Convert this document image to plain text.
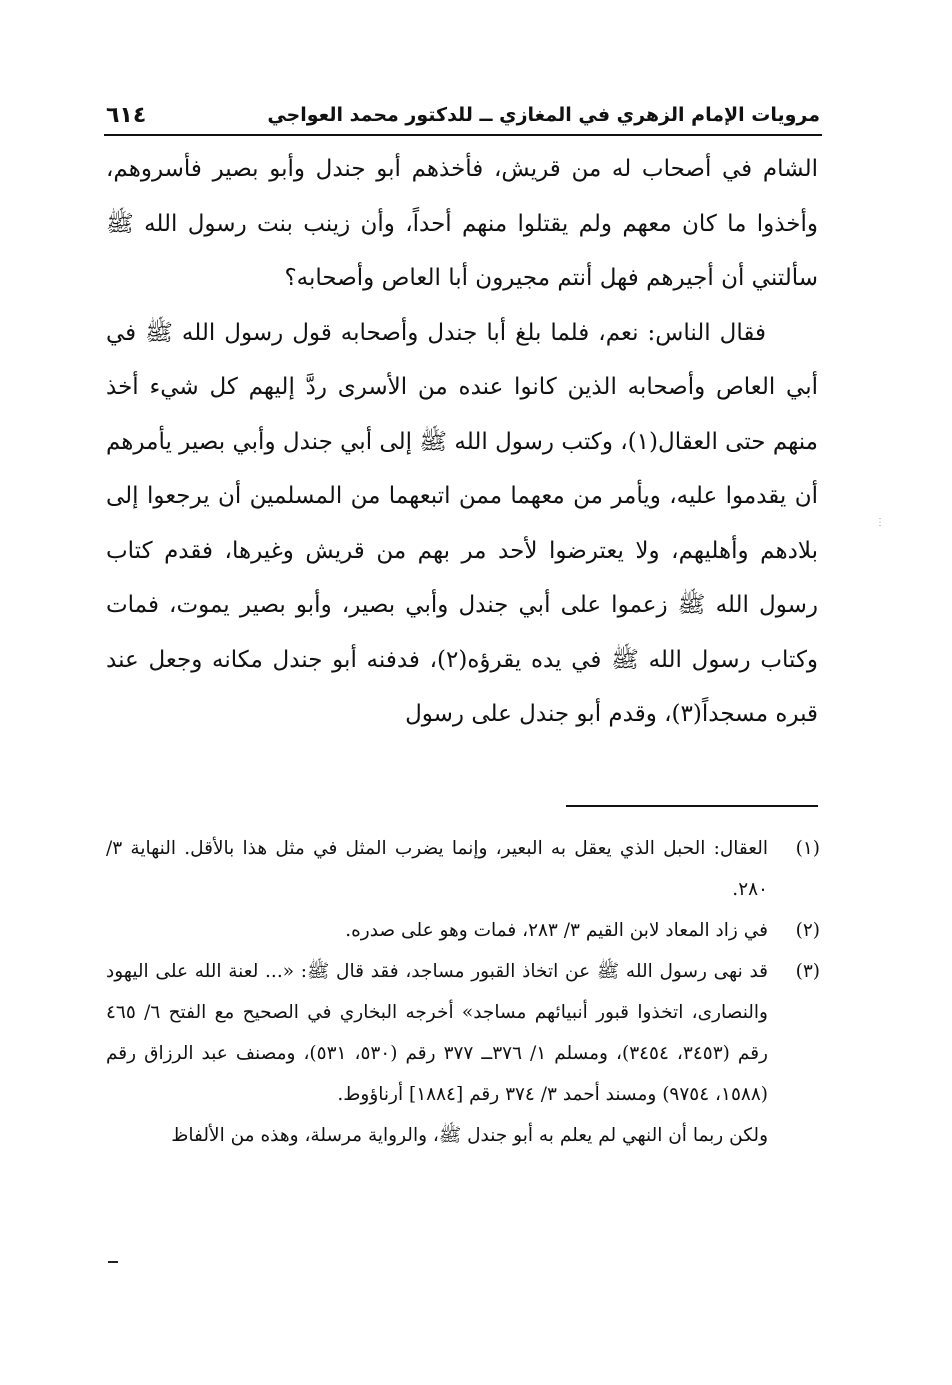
مرويات الإمام الزهري في المغازي ــ للدكتور محمد العواجي
٦١٤

الشام في أصحاب له من قريش، فأخذهم أبو جندل وأبو بصير فأسروهم، وأخذوا ما كان معهم ولم يقتلوا منهم أحداً، وأن زينب بنت رسول الله ﷺ سألتني أن أجيرهم فهل أنتم مجيرون أبا العاص وأصحابه؟

فقال الناس: نعم، فلما بلغ أبا جندل وأصحابه قول رسول الله ﷺ في أبي العاص وأصحابه الذين كانوا عنده من الأسرى ردَّ إليهم كل شيء أخذ منهم حتى العقال(١)، وكتب رسول الله ﷺ إلى أبي جندل وأبي بصير يأمرهم أن يقدموا عليه، ويأمر من معهما ممن اتبعهما من المسلمين أن يرجعوا إلى بلادهم وأهليهم، ولا يعترضوا لأحد مر بهم من قريش وغيرها، فقدم كتاب رسول الله ﷺ زعموا على أبي جندل وأبي بصير، وأبو بصير يموت، فمات وكتاب رسول الله ﷺ في يده يقرؤه(٢)، فدفنه أبو جندل مكانه وجعل عند قبره مسجداً(٣)، وقدم أبو جندل على رسول

⋮
(١)
العقال: الحبل الذي يعقل به البعير، وإنما يضرب المثل في مثل هذا بالأقل. النهاية ٣/ ٢٨٠.
(٢)
في زاد المعاد لابن القيم ٣/ ٢٨٣، فمات وهو على صدره.
(٣)
قد نهى رسول الله ﷺ عن اتخاذ القبور مساجد، فقد قال ﷺ: «... لعنة الله على اليهود والنصارى، اتخذوا قبور أنبيائهم مساجد» أخرجه البخاري في الصحيح مع الفتح ٦/ ٤٦٥ رقم (٣٤٥٣، ٣٤٥٤)، ومسلم ١/ ٣٧٦ــ ٣٧٧ رقم (٥٣٠، ٥٣١)، ومصنف عبد الرزاق رقم (١٥٨٨، ٩٧٥٤) ومسند أحمد ٣/ ٣٧٤ رقم [١٨٨٤] أرناؤوط.
ولكن ربما أن النهي لم يعلم به أبو جندل ﷺ، والرواية مرسلة، وهذه من الألفاظ
